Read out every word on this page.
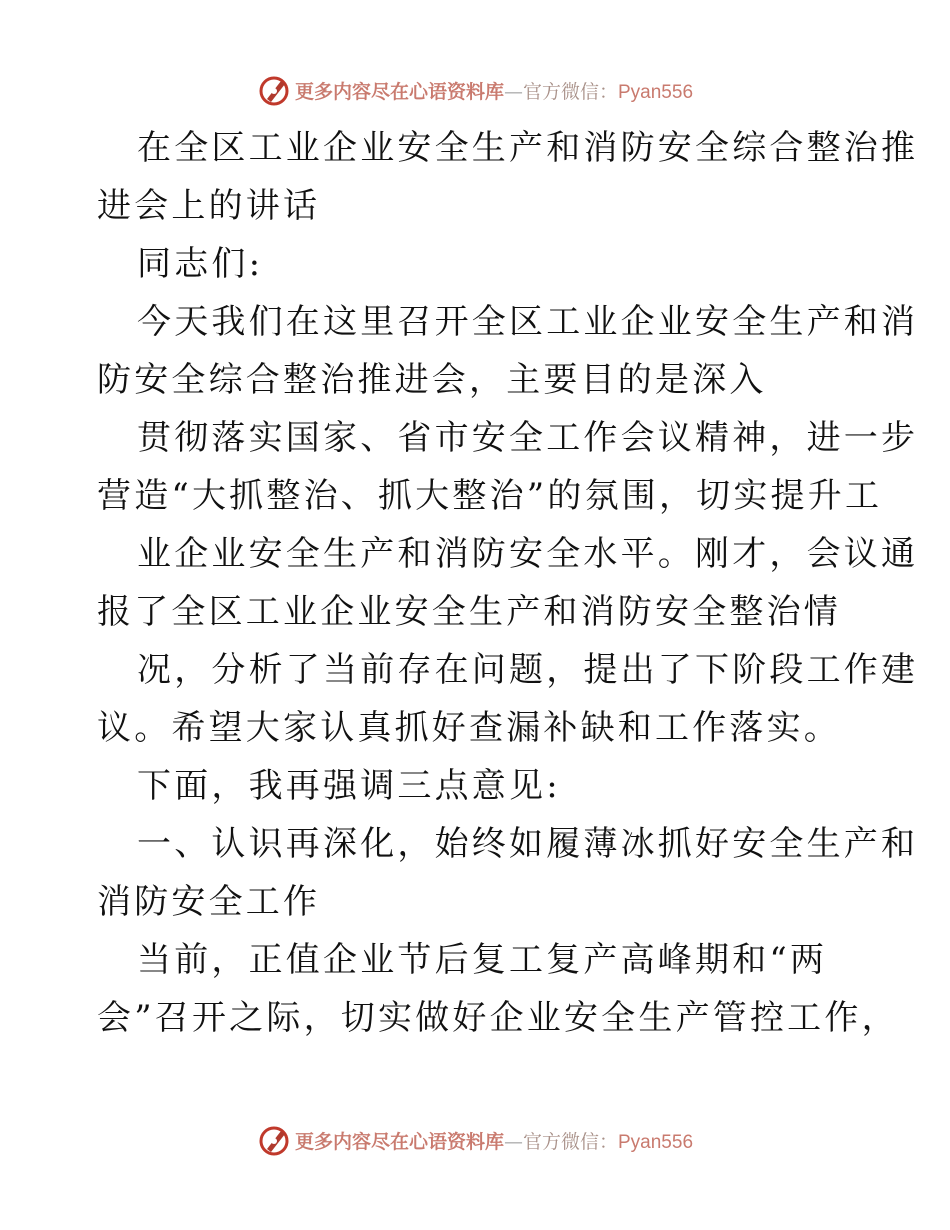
更多内容尽在心语资料库—官方微信：Pyan556
在全区工业企业安全生产和消防安全综合整治推
进会上的讲话
同志们:
今天我们在这里召开全区工业企业安全生产和消
防安全综合整治推进会，主要目的是深入
贯彻落实国家、省市安全工作会议精神，进一步
营造“大抓整治、抓大整治”的氛围，切实提升工
业企业安全生产和消防安全水平。刚才，会议通
报了全区工业企业安全生产和消防安全整治情
况，分析了当前存在问题，提出了下阶段工作建
议。希望大家认真抓好查漏补缺和工作落实。
下面，我再强调三点意见:
一、认识再深化，始终如履薄冰抓好安全生产和
消防安全工作
当前，正值企业节后复工复产高峰期和“两
会”召开之际，切实做好企业安全生产管控工作，
更多内容尽在心语资料库—官方微信：Pyan556
